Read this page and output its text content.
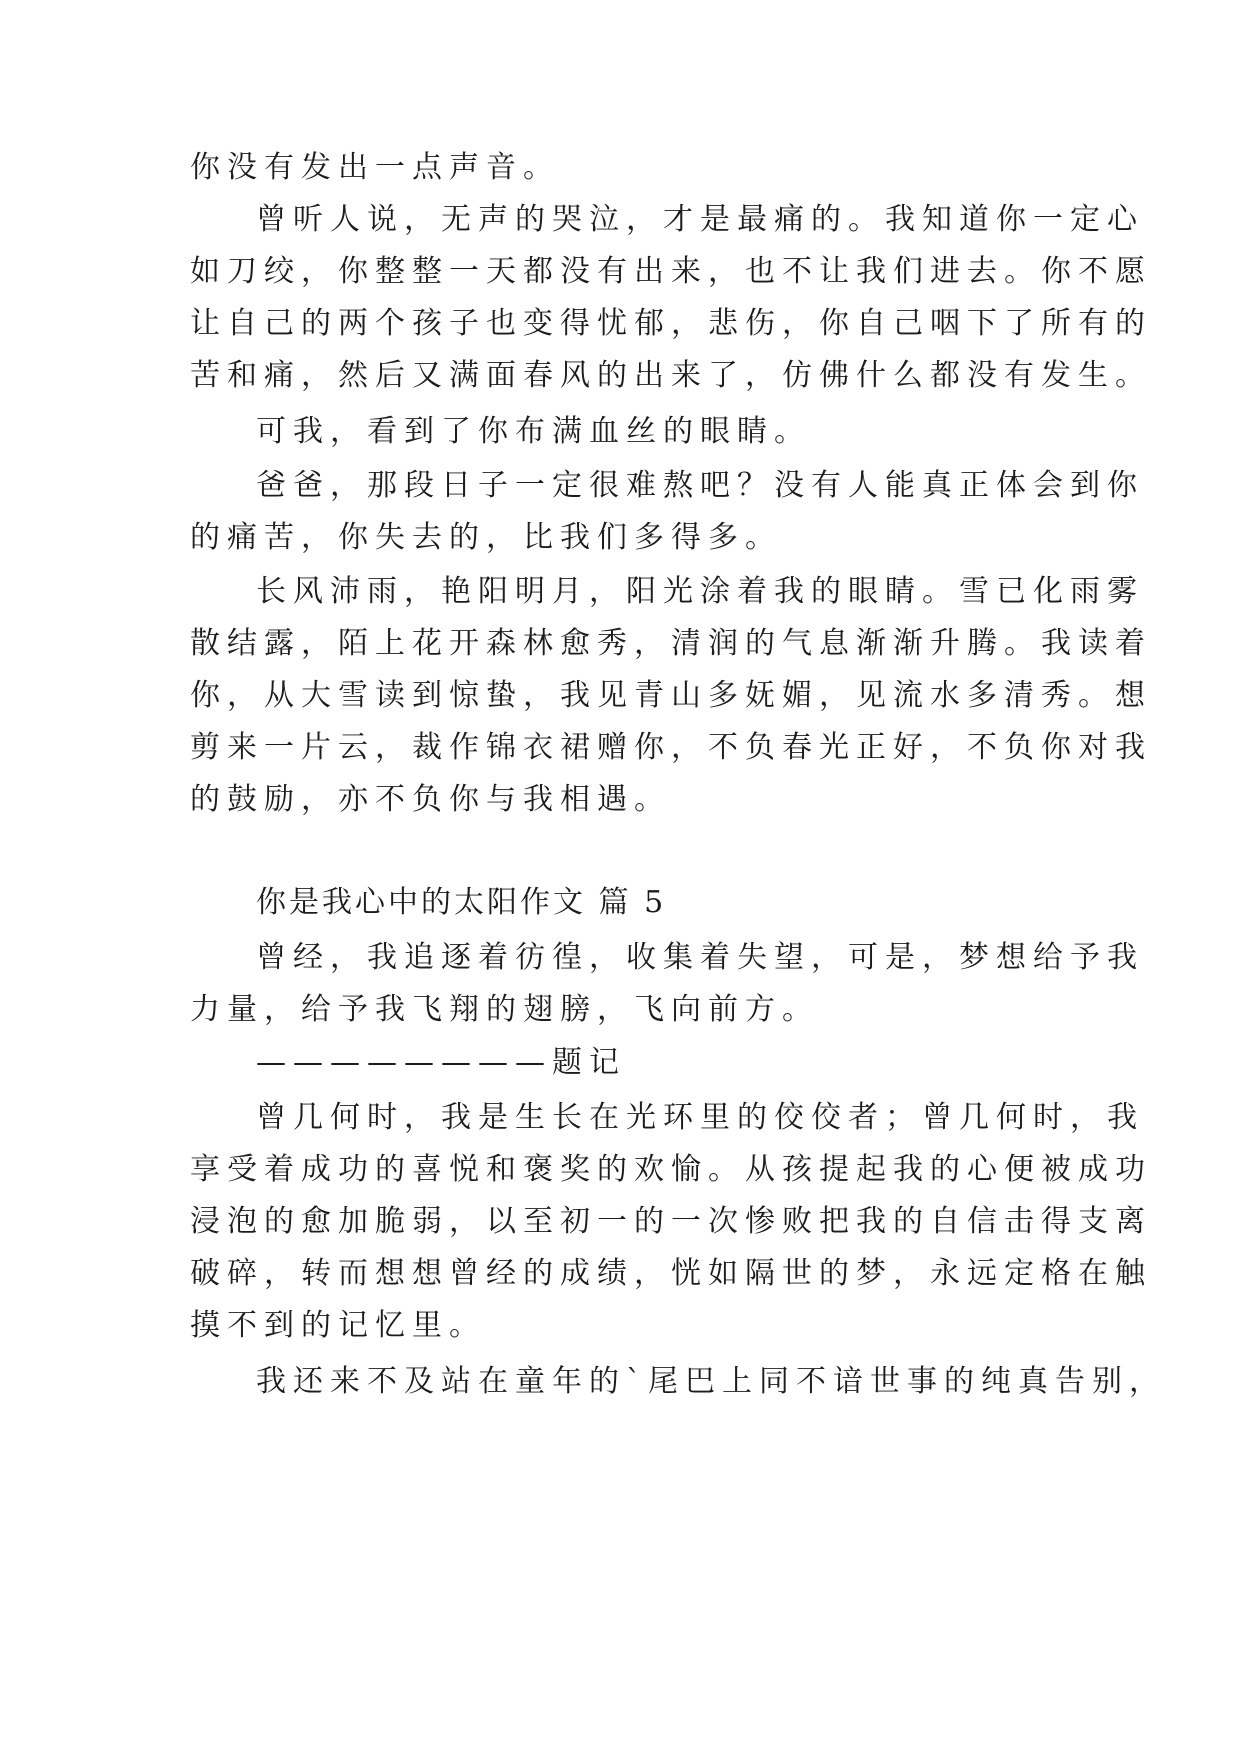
你没有发出一点声音。
曾听人说，无声的哭泣，才是最痛的。我知道你一定心
如刀绞，你整整一天都没有出来，也不让我们进去。你不愿
让自己的两个孩子也变得忧郁，悲伤，你自己咽下了所有的
苦和痛，然后又满面春风的出来了，仿佛什么都没有发生。
可我，看到了你布满血丝的眼睛。
爸爸，那段日子一定很难熬吧？没有人能真正体会到你
的痛苦，你失去的，比我们多得多。
长风沛雨，艳阳明月，阳光涂着我的眼睛。雪已化雨雾
散结露，陌上花开森林愈秀，清润的气息渐渐升腾。我读着
你，从大雪读到惊蛰，我见青山多妩媚，见流水多清秀。想
剪来一片云，裁作锦衣裙赠你，不负春光正好，不负你对我
的鼓励，亦不负你与我相遇。
你是我心中的太阳作文 篇 5
曾经，我追逐着彷徨，收集着失望，可是，梦想给予我
力量，给予我飞翔的翅膀，飞向前方。
————————题记
曾几何时，我是生长在光环里的佼佼者；曾几何时，我
享受着成功的喜悦和褒奖的欢愉。从孩提起我的心便被成功
浸泡的愈加脆弱，以至初一的一次惨败把我的自信击得支离
破碎，转而想想曾经的成绩，恍如隔世的梦，永远定格在触
摸不到的记忆里。
我还来不及站在童年的`尾巴上同不谙世事的纯真告别，
